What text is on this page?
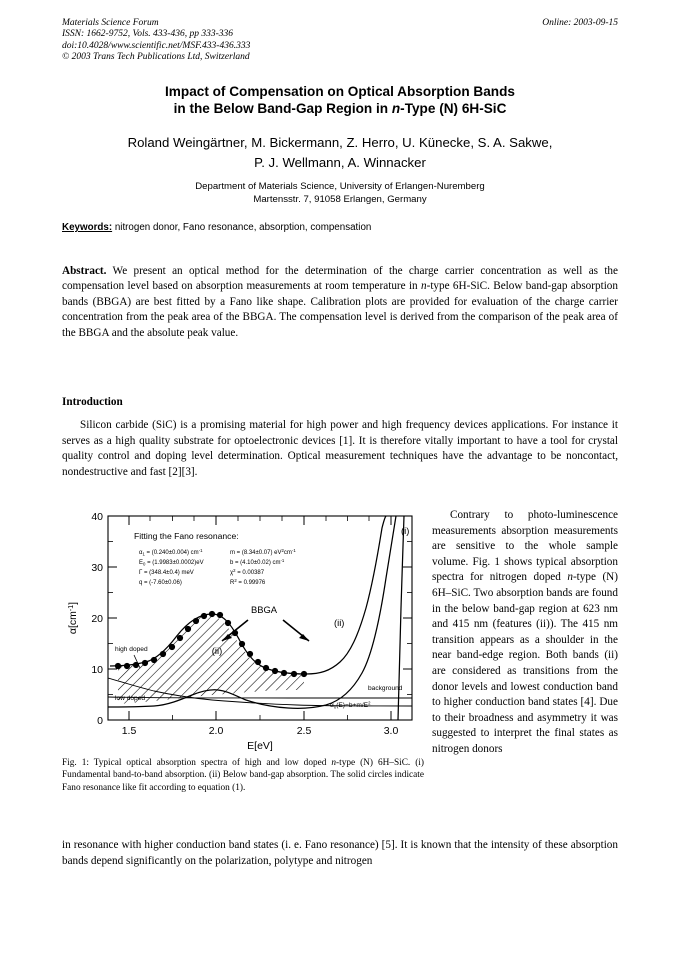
Materials Science Forum
ISSN: 1662-9752, Vols. 433-436, pp 333-336
doi:10.4028/www.scientific.net/MSF.433-436.333
© 2003 Trans Tech Publications Ltd, Switzerland
Online: 2003-09-15
Impact of Compensation on Optical Absorption Bands
in the Below Band-Gap Region in n-Type (N) 6H-SiC
Roland Weingärtner, M. Bickermann, Z. Herro, U. Künecke, S. A. Sakwe,
P. J. Wellmann, A. Winnacker
Department of Materials Science, University of Erlangen-Nuremberg
Martensstr. 7, 91058 Erlangen, Germany
Keywords: nitrogen donor, Fano resonance, absorption, compensation
Abstract. We present an optical method for the determination of the charge carrier concentration as well as the compensation level based on absorption measurements at room temperature in n-type 6H-SiC. Below band-gap absorption bands (BBGA) are best fitted by a Fano like shape. Calibration plots are provided for evaluation of the charge carrier concentration from the peak area of the BBGA. The compensation level is derived from the comparison of the peak area of the BBGA and the absolute peak value.
Introduction
Silicon carbide (SiC) is a promising material for high power and high frequency devices applications. For instance it serves as a high quality substrate for optoelectronic devices [1]. It is therefore vitally important to have a tool for crystal quality control and doping level determination. Optical measurement techniques have the advantage to be noncontact, nondestructive and fast [2][3].
0
10
20
30
40
$\alpha[cm^{-1}]$
1.5	2.0	2.5	3.0
E[eV]
Fitting the Fano resonance:
$\alpha_1 = (0.240\pm 0.004)$ $cm^{-1}$
$E_0 = (1.9983\pm 0.0002)eV$
Γ = (348.4±0.4) meV
q = (-7.60±0.06)
m = (8.34±0.07) $eV^2cm^{-1}$
b = (4.10±0.02) $cm^{-1}$
$\chi^2 = 0.00387$
$R^2 = 0.99976$
(i)
(ii)
(ii)
BBGA
high doped
low doped
background
$\alpha_0(E)=b+m/E^2$
Fig. 1: Typical optical absorption spectra of high and low doped n-type (N) 6H–SiC. (i) Fundamental band-to-band absorption. (ii) Below band-gap absorption. The solid circles indicate Fano resonance like fit according to equation (1).
Contrary to photo-luminescence measurements absorption measurements are sensitive to the whole sample volume. Fig. 1 shows typical absorption spectra for nitrogen doped n-type (N) 6H–SiC. Two absorption bands are found in the below band-gap region at 623 nm and 415 nm (features (ii)). The 415 nm transition appears as a shoulder in the near band-edge region. Both bands (ii) are considered as transitions from the donor levels and lowest conduction band to higher conduction band states [4]. Due to their broadness and asymmetry it was suggested to interpret the final states as nitrogen donors
in resonance with higher conduction band states (i. e. Fano resonance) [5]. It is known that the intensity of these absorption bands depend significantly on the polarization, polytype and nitrogen
